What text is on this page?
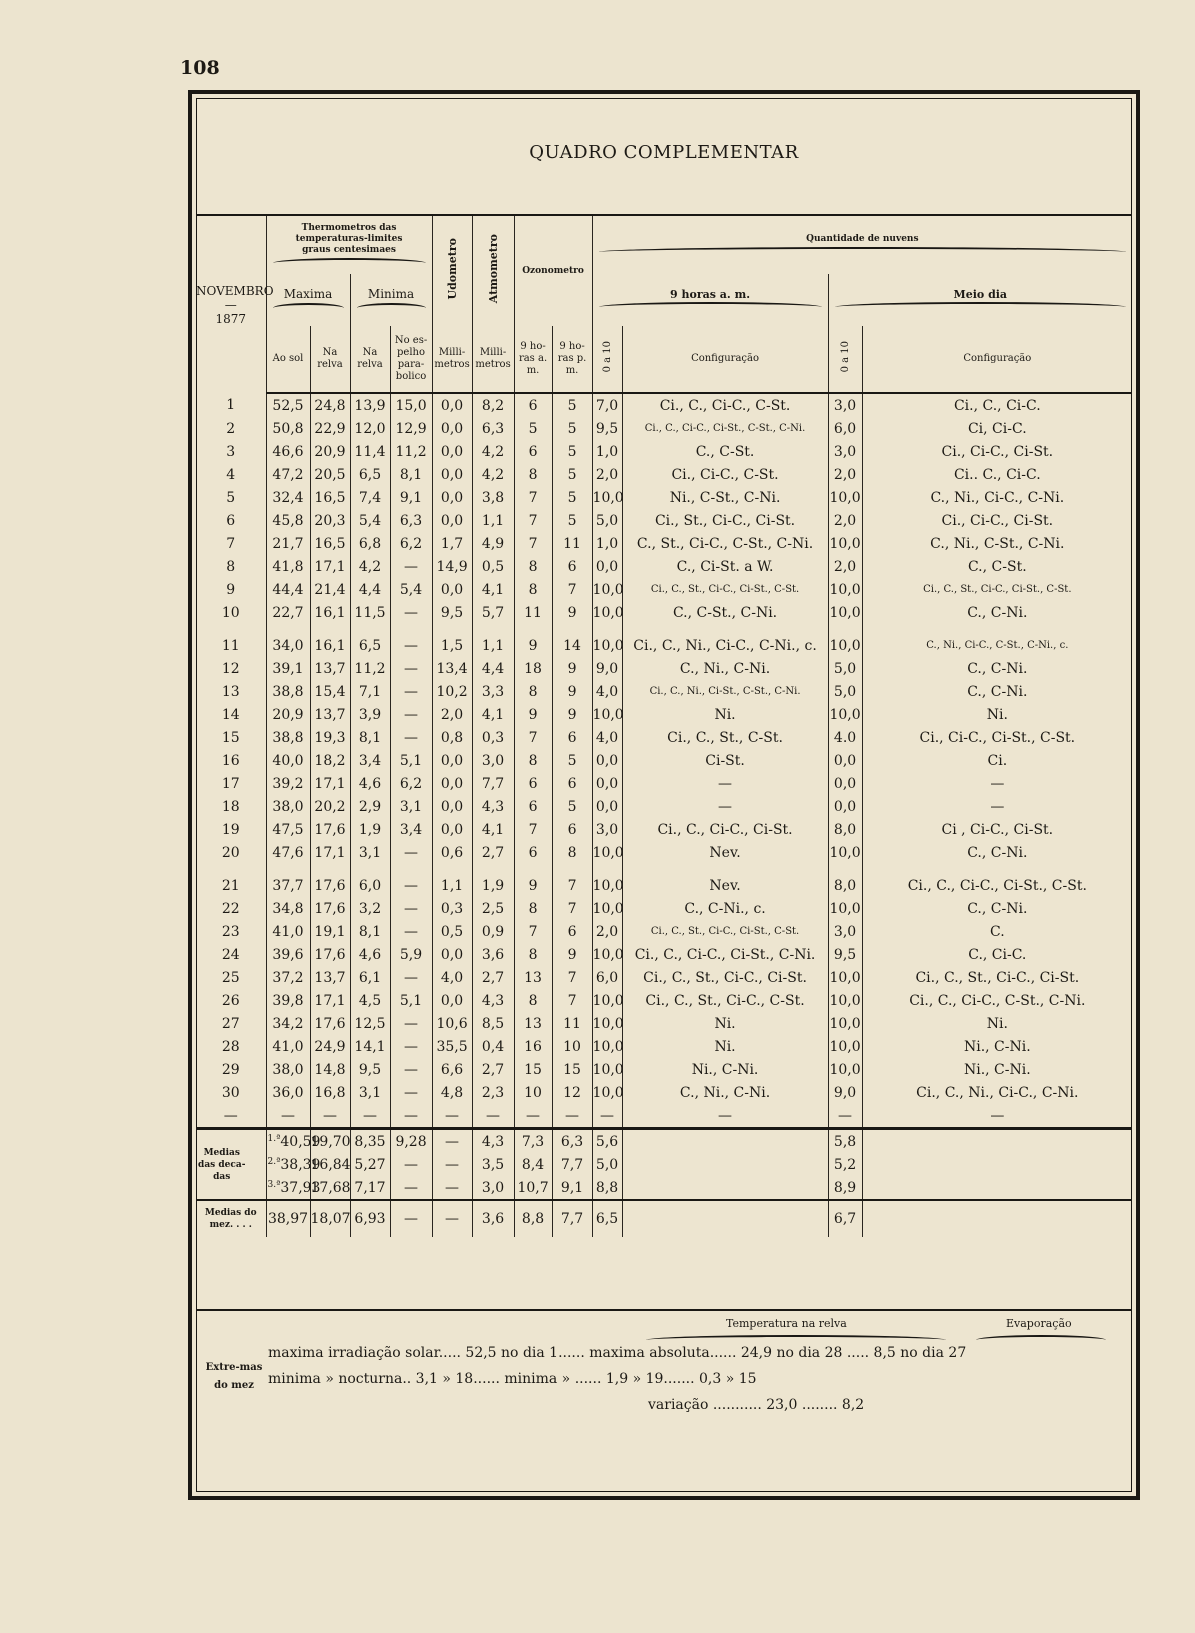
108
QUADRO COMPLEMENTAR
NOVEMBRO
—
1877	Thermometros das temperaturas-limites graus centesimaes				Udometro	Atmometro	Ozonometro		Quantidade de nuvens			

	Maxima		Minima						9 horas a. m.		Meio dia	

	Ao sol	Na relva	Na relva	No es-pelho para-bolico	Milli-metros	Milli-metros	9 ho-ras a. m.	9 ho-ras p. m.	0 a 10	Configuração	0 a 10	Configuração

1	52,5	24,8	13,9	15,0	0,0	8,2	6	5	7,0	Ci., C., Ci-C., C-St.	3,0	Ci., C., Ci-C.
2	50,8	22,9	12,0	12,9	0,0	6,3	5	5	9,5	Ci., C., Ci-C., Ci-St., C-St., C-Ni.	6,0	Ci, Ci-C.
3	46,6	20,9	11,4	11,2	0,0	4,2	6	5	1,0	C., C-St.	3,0	Ci., Ci-C., Ci-St.
4	47,2	20,5	6,5	8,1	0,0	4,2	8	5	2,0	Ci., Ci-C., C-St.	2,0	Ci.. C., Ci-C.
5	32,4	16,5	7,4	9,1	0,0	3,8	7	5	10,0	Ni., C-St., C-Ni.	10,0	C., Ni., Ci-C., C-Ni.
6	45,8	20,3	5,4	6,3	0,0	1,1	7	5	5,0	Ci., St., Ci-C., Ci-St.	2,0	Ci., Ci-C., Ci-St.
7	21,7	16,5	6,8	6,2	1,7	4,9	7	11	1,0	C., St., Ci-C., C-St., C-Ni.	10,0	C., Ni., C-St., C-Ni.
8	41,8	17,1	4,2	—	14,9	0,5	8	6	0,0	C., Ci-St. a W.	2,0	C., C-St.
9	44,4	21,4	4,4	5,4	0,0	4,1	8	7	10,0	Ci., C., St., Ci-C., Ci-St., C-St.	10,0	Ci., C., St., Ci-C., Ci-St., C-St.
10	22,7	16,1	11,5	—	9,5	5,7	11	9	10,0	C., C-St., C-Ni.	10,0	C., C-Ni.

11	34,0	16,1	6,5	—	1,5	1,1	9	14	10,0	Ci., C., Ni., Ci-C., C-Ni., c.	10,0	C., Ni., Ci-C., C-St., C-Ni., c.
12	39,1	13,7	11,2	—	13,4	4,4	18	9	9,0	C., Ni., C-Ni.	5,0	C., C-Ni.
13	38,8	15,4	7,1	—	10,2	3,3	8	9	4,0	Ci., C., Ni., Ci-St., C-St., C-Ni.	5,0	C., C-Ni.
14	20,9	13,7	3,9	—	2,0	4,1	9	9	10,0	Ni.	10,0	Ni.
15	38,8	19,3	8,1	—	0,8	0,3	7	6	4,0	Ci., C., St., C-St.	4.0	Ci., Ci-C., Ci-St., C-St.
16	40,0	18,2	3,4	5,1	0,0	3,0	8	5	0,0	Ci-St.	0,0	Ci.
17	39,2	17,1	4,6	6,2	0,0	7,7	6	6	0,0	—	0,0	—
18	38,0	20,2	2,9	3,1	0,0	4,3	6	5	0,0	—	0,0	—
19	47,5	17,6	1,9	3,4	0,0	4,1	7	6	3,0	Ci., C., Ci-C., Ci-St.	8,0	Ci , Ci-C., Ci-St.
20	47,6	17,1	3,1	—	0,6	2,7	6	8	10,0	Nev.	10,0	C., C-Ni.

21	37,7	17,6	6,0	—	1,1	1,9	9	7	10,0	Nev.	8,0	Ci., C., Ci-C., Ci-St., C-St.
22	34,8	17,6	3,2	—	0,3	2,5	8	7	10,0	C., C-Ni., c.	10,0	C., C-Ni.
23	41,0	19,1	8,1	—	0,5	0,9	7	6	2,0	Ci., C., St., Ci-C., Ci-St., C-St.	3,0	C.
24	39,6	17,6	4,6	5,9	0,0	3,6	8	9	10,0	Ci., C., Ci-C., Ci-St., C-Ni.	9,5	C., Ci-C.
25	37,2	13,7	6,1	—	4,0	2,7	13	7	6,0	Ci., C., St., Ci-C., Ci-St.	10,0	Ci., C., St., Ci-C., Ci-St.
26	39,8	17,1	4,5	5,1	0,0	4,3	8	7	10,0	Ci., C., St., Ci-C., C-St.	10,0	Ci., C., Ci-C., C-St., C-Ni.
27	34,2	17,6	12,5	—	10,6	8,5	13	11	10,0	Ni.	10,0	Ni.
28	41,0	24,9	14,1	—	35,5	0,4	16	10	10,0	Ni.	10,0	Ni., C-Ni.
29	38,0	14,8	9,5	—	6,6	2,7	15	15	10,0	Ni., C-Ni.	10,0	Ni., C-Ni.
30	36,0	16,8	3,1	—	4,8	2,3	10	12	10,0	C., Ni., C-Ni.	9,0	Ci., C., Ni., Ci-C., C-Ni.
—	—	—	—	—	—	—	—	—	—	—	—	—

Medias das deca-das	1.ª 40,59	19,70	8,35	9,28	—	4,3	7,3	6,3	5,6		5,8	

	2.ª 38,39	16,84	5,27	—	—	3,5	8,4	7,7	5,0		5,2	

	3.ª 37,93	17,68	7,17	—	—	3,0	10,7	9,1	8,8		8,9	
Medias do mez. . . .	38,97	18,07	6,93	—	—	3,6	8,8	7,7	6,5		6,7	
Temperatura na relva	Evaporação
Extre-mas do mez
maxima irradiação solar..... 52,5 no dia 1...... maxima absoluta...... 24,9 no dia 28 ..... 8,5 no dia 27
minima » nocturna.. 3,1 » 18...... minima » ...... 1,9 » 19....... 0,3 » 15
variação ........... 23,0 ........ 8,2
